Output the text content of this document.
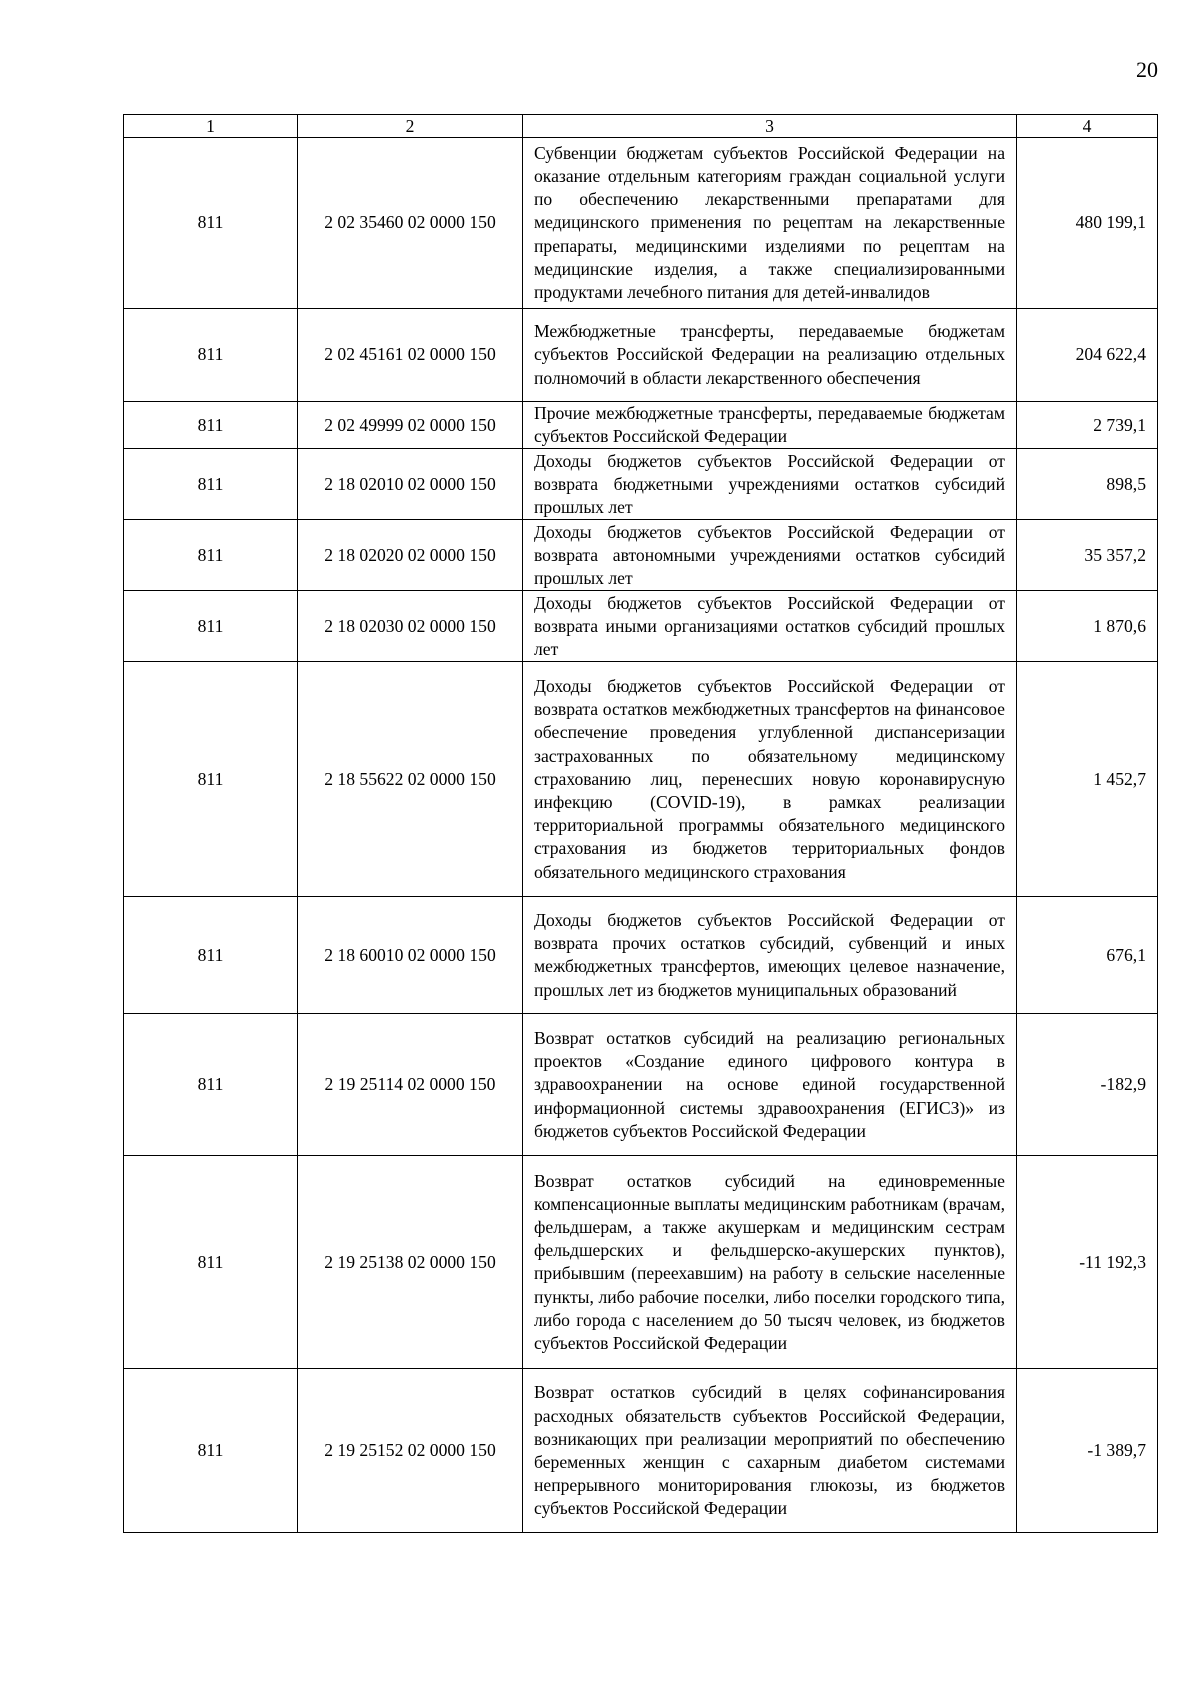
20
1	2	3	4
811	2 02 35460 02 0000 150	Субвенции бюджетам субъектов Российской Федерации на оказание отдельным категориям граждан социальной услуги по обеспечению лекарственными препаратами для медицинского применения по рецептам на лекарственные препараты, медицинскими изделиями по рецептам на медицинские изделия, а также специализированными продуктами лечебного питания для детей-инвалидов	480 199,1
811	2 02 45161 02 0000 150	Межбюджетные трансферты, передаваемые бюджетам субъектов Российской Федерации на реализацию отдельных полномочий в области лекарственного обеспечения	204 622,4
811	2 02 49999 02 0000 150	Прочие межбюджетные трансферты, передаваемые бюджетам субъектов Российской Федерации	2 739,1
811	2 18 02010 02 0000 150	Доходы бюджетов субъектов Российской Федерации от возврата бюджетными учреждениями остатков субсидий прошлых лет	898,5
811	2 18 02020 02 0000 150	Доходы бюджетов субъектов Российской Федерации от возврата автономными учреждениями остатков субсидий прошлых лет	35 357,2
811	2 18 02030 02 0000 150	Доходы бюджетов субъектов Российской Федерации от возврата иными организациями остатков субсидий прошлых лет	1 870,6
811	2 18 55622 02 0000 150	Доходы бюджетов субъектов Российской Федерации от возврата остатков межбюджетных трансфертов на финансовое обеспечение проведения углубленной диспансеризации застрахованных по обязательному медицинскому страхованию лиц, перенесших новую коронавирусную инфекцию (COVID-19), в рамках реализации территориальной программы обязательного медицинского страхования из бюджетов территориальных фондов обязательного медицинского страхования	1 452,7
811	2 18 60010 02 0000 150	Доходы бюджетов субъектов Российской Федерации от возврата прочих остатков субсидий, субвенций и иных межбюджетных трансфертов, имеющих целевое назначение, прошлых лет из бюджетов муниципальных образований	676,1
811	2 19 25114 02 0000 150	Возврат остатков субсидий на реализацию региональных проектов «Создание единого цифрового контура в здравоохранении на основе единой государственной информационной системы здравоохранения (ЕГИСЗ)» из бюджетов субъектов Российской Федерации	-182,9
811	2 19 25138 02 0000 150	Возврат остатков субсидий на единовременные компенсационные выплаты медицинским работникам (врачам, фельдшерам, а также акушеркам и медицинским сестрам фельдшерских и фельдшерско-акушерских пунктов), прибывшим (переехавшим) на работу в сельские населенные пункты, либо рабочие поселки, либо поселки городского типа, либо города с населением до 50 тысяч человек, из бюджетов субъектов Российской Федерации	-11 192,3
811	2 19 25152 02 0000 150	Возврат остатков субсидий в целях софинансирования расходных обязательств субъектов Российской Федерации, возникающих при реализации мероприятий по обеспечению беременных женщин с сахарным диабетом системами непрерывного мониторирования глюкозы, из бюджетов субъектов Российской Федерации	-1 389,7
